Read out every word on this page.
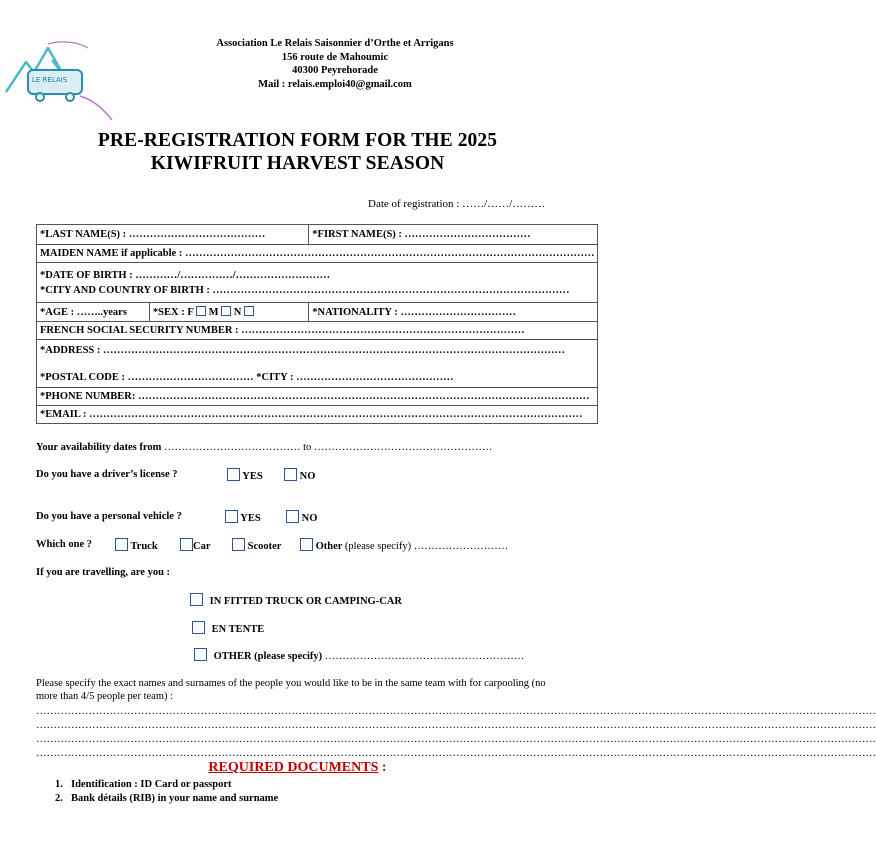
LE RELAIS
Association Le Relais Saisonnier d’Orthe et Arrigans
156 route de Mahoumic
40300 Peyrehorade
Mail : relais.emploi40@gmail.com
PRE-REGISTRATION FORM FOR THE 2025
KIWIFRUIT HARVEST SEASON
Date of registration : ……/……/………
*LAST NAME(S) : …………………………………		*FIRST NAME(S) : ………………………………
MAIDEN NAME if applicable : ………………………………………………………………………………………………………		

*DATE OF BIRTH : …………/……………/………………………
*CITY AND COUNTRY OF BIRTH : …………………………………………………………………………………………		

*AGE : ……..years	*SEX : F M N	*NATIONALITY : ……………………………
FRENCH SOCIAL SECURITY NUMBER : ………………………………………………………………………		

*ADDRESS : ……………………………………………………………………………………………………………………
*POSTAL CODE : ……………………………… *CITY : ………………………………………		

*PHONE NUMBER: …………………………………………………………………………………………………………………		
*EMAIL : ……………………………………………………………………………………………………………………………		
Your availability dates from ………………………………… to ……………………………………………
Do you have a driver’s license ?	YES	NO
Do you have a personal vehicle ?	YES	NO
Which one ?	Truck	Car	Scooter	Other (please specify) ………………………
If you are travelling, are you :
IN FITTED TRUCK OR CAMPING-CAR
EN TENTE
OTHER (please specify) …………………………………………………
Please specify the exact names and surnames of the people you would like to be in the same team with for carpooling (no more than 4/5 people per team) :
……………………………………………………………………………………………………………………………………………………………………………………………………………………
……………………………………………………………………………………………………………………………………………………………………………………………………………………
……………………………………………………………………………………………………………………………………………………………………………………………………………………
……………………………………………………………………………………………………………………………………………………………………………………………………………………
REQUIRED DOCUMENTS :
1. Identification : ID Card or passport
2. Bank détails (RIB) in your name and surname
